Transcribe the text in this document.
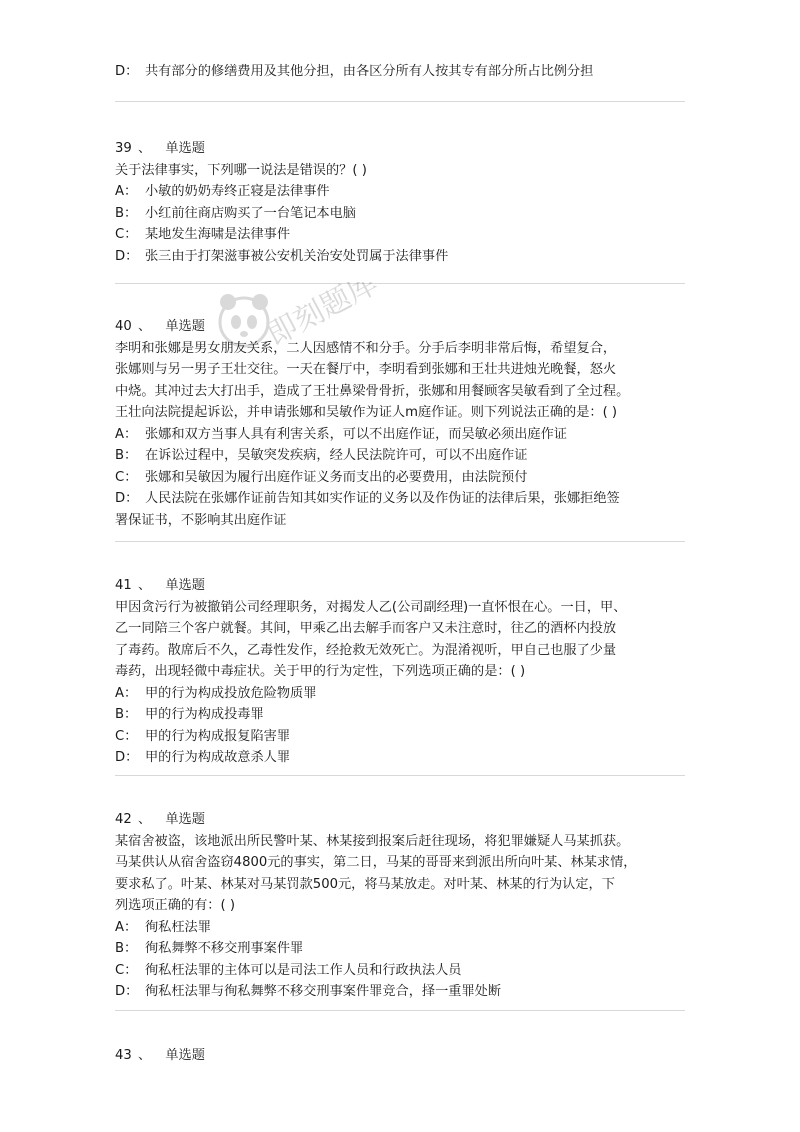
D： 共有部分的修缮费用及其他分担，由各区分所有人按其专有部分所占比例分担
39 、 单选题
关于法律事实，下列哪一说法是错误的？( )
A： 小敏的奶奶寿终正寝是法律事件
B： 小红前往商店购买了一台笔记本电脑
C： 某地发生海啸是法律事件
D： 张三由于打架滋事被公安机关治安处罚属于法律事件
40 、 单选题
李明和张娜是男女朋友关系，二人因感情不和分手。分手后李明非常后悔，希望复合，
张娜则与另一男子王壮交往。一天在餐厅中，李明看到张娜和王壮共进烛光晚餐，怒火
中烧。其冲过去大打出手，造成了王壮鼻梁骨骨折，张娜和用餐顾客吴敏看到了全过程。
王壮向法院提起诉讼，并申请张娜和吴敏作为证人m庭作证。则下列说法正确的是：( )
A： 张娜和双方当事人具有利害关系，可以不出庭作证，而吴敏必须出庭作证
B： 在诉讼过程中，吴敏突发疾病，经人民法院许可，可以不出庭作证
C： 张娜和吴敏因为履行出庭作证义务而支出的必要费用，由法院预付
D： 人民法院在张娜作证前告知其如实作证的义务以及作伪证的法律后果，张娜拒绝签
署保证书，不影响其出庭作证
41 、 单选题
甲因贪污行为被撤销公司经理职务，对揭发人乙(公司副经理)一直怀恨在心。一日，甲、
乙一同陪三个客户就餐。其间，甲乘乙出去解手而客户又未注意时，往乙的酒杯内投放
了毒药。散席后不久，乙毒性发作，经抢救无效死亡。为混淆视听，甲自己也服了少量
毒药，出现轻微中毒症状。关于甲的行为定性，下列选项正确的是：( )
A： 甲的行为构成投放危险物质罪
B： 甲的行为构成投毒罪
C： 甲的行为构成报复陷害罪
D： 甲的行为构成故意杀人罪
42 、 单选题
某宿舍被盗，该地派出所民警叶某、林某接到报案后赶往现场，将犯罪嫌疑人马某抓获。
马某供认从宿舍盗窃4800元的事实，第二日，马某的哥哥来到派出所向叶某、林某求情，
要求私了。叶某、林某对马某罚款500元，将马某放走。对叶某、林某的行为认定，下
列选项正确的有：( )
A： 徇私枉法罪
B： 徇私舞弊不移交刑事案件罪
C： 徇私枉法罪的主体可以是司法工作人员和行政执法人员
D： 徇私枉法罪与徇私舞弊不移交刑事案件罪竞合，择一重罪处断
43 、 单选题
即刻题库
